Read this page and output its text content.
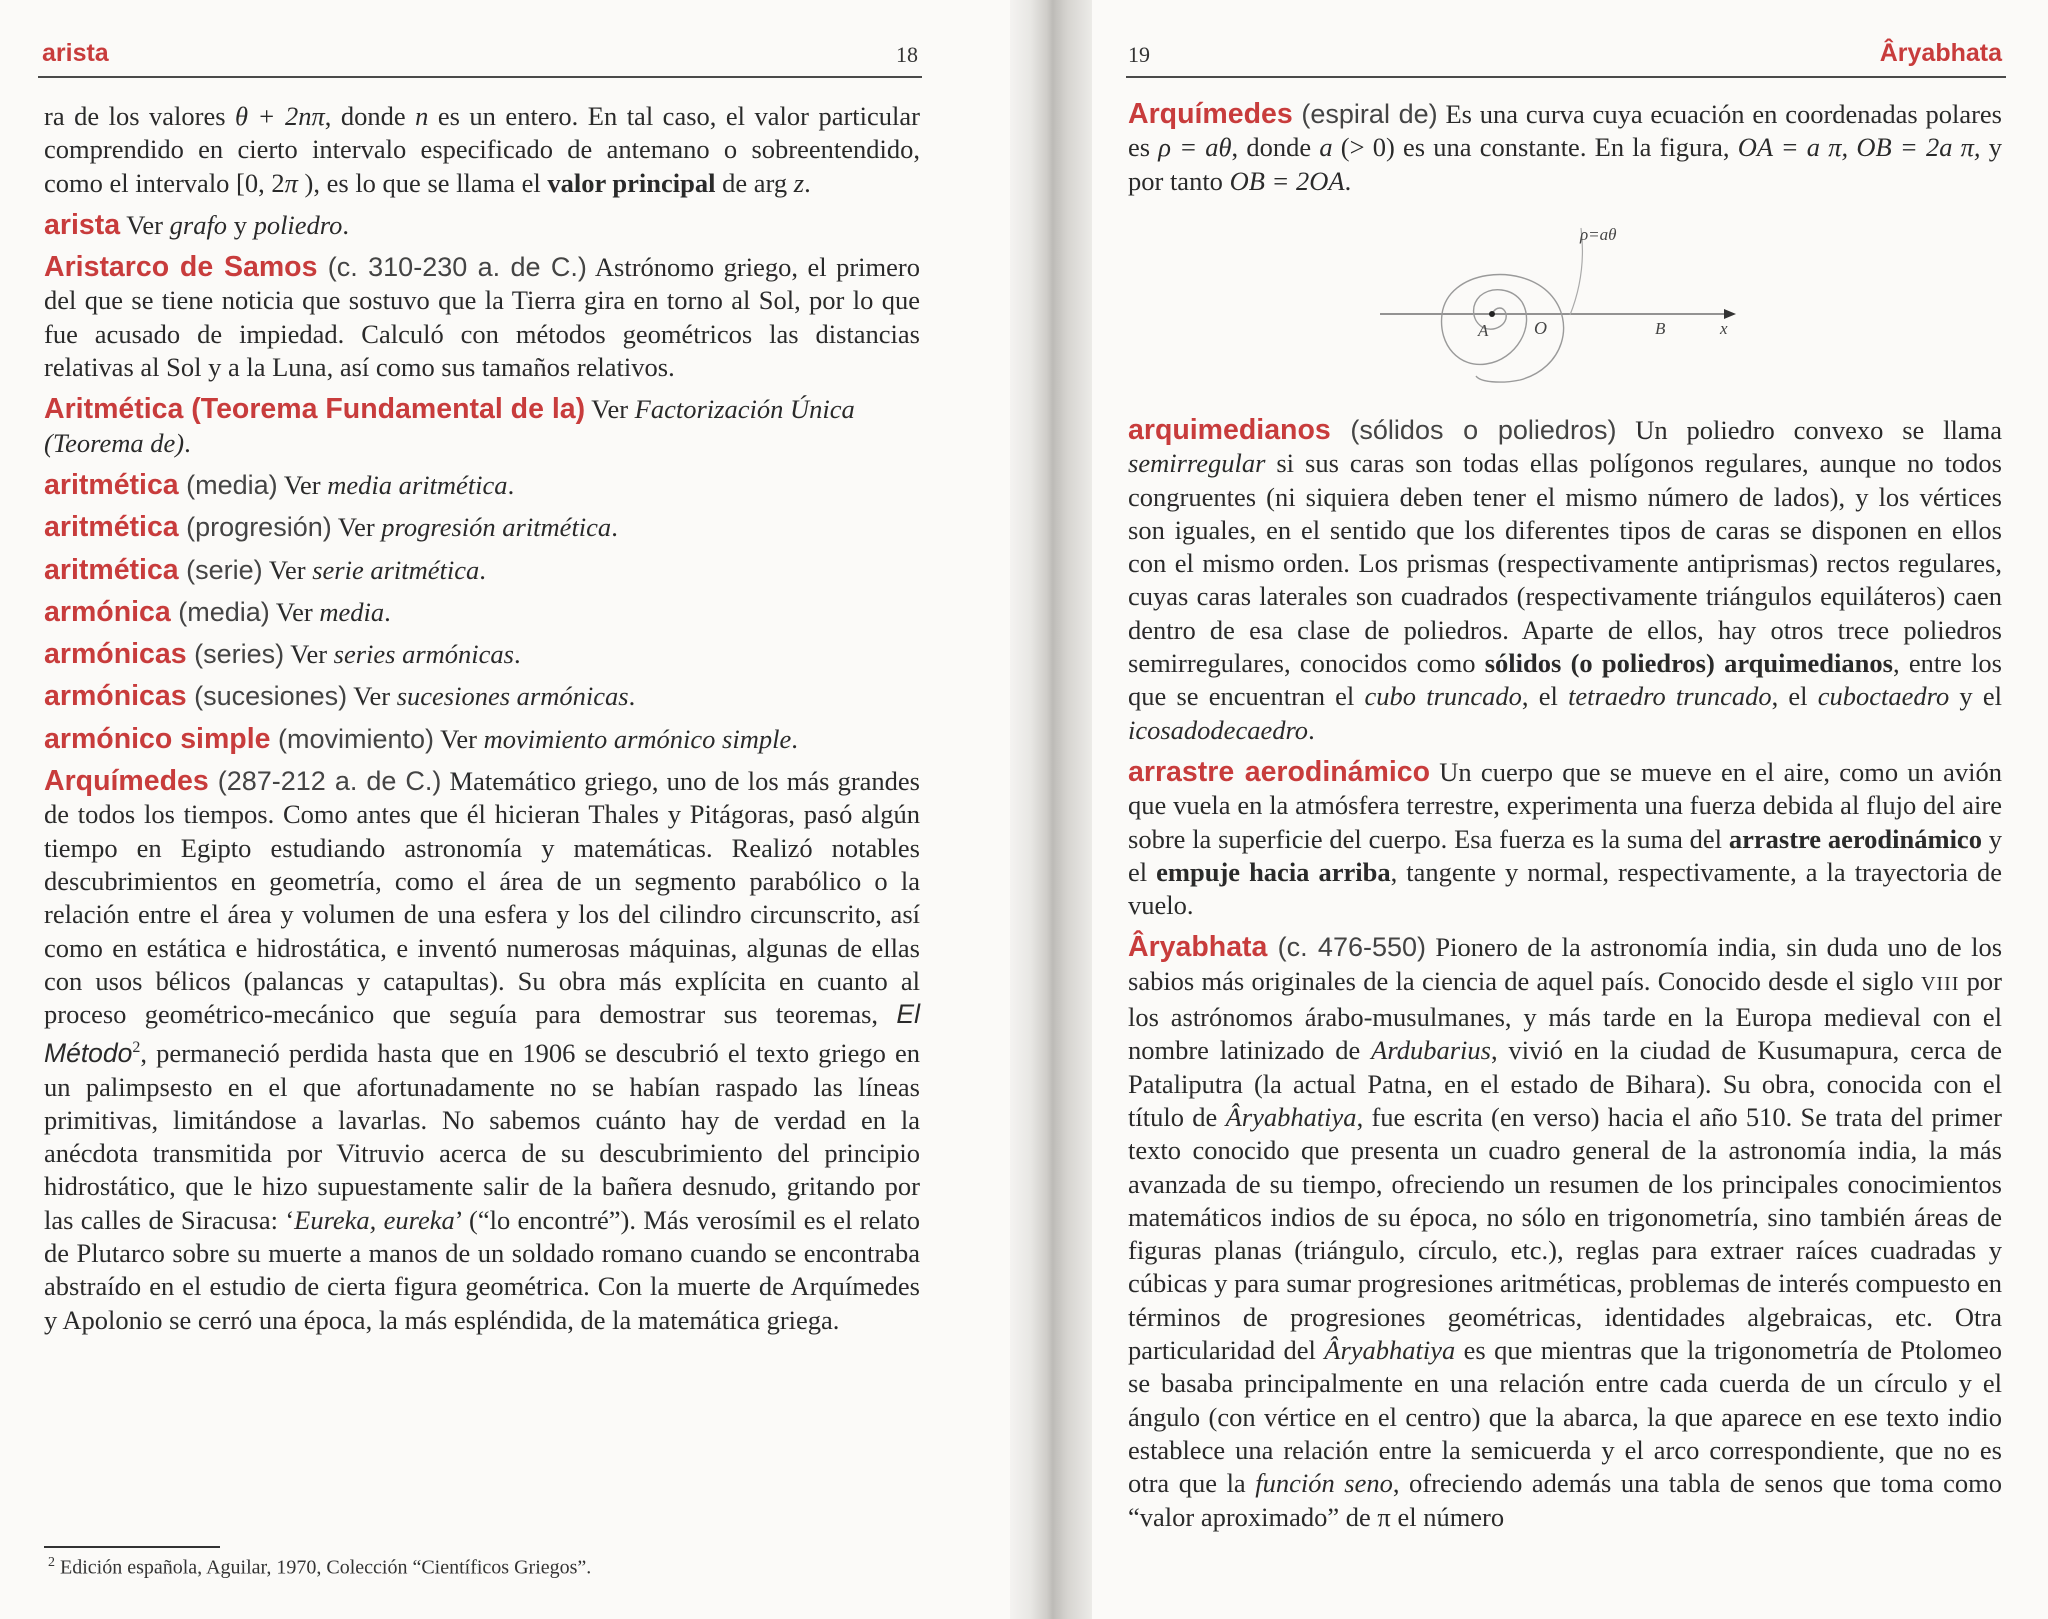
arista	18

ra de los valores θ + 2nπ, donde n es un entero. En tal caso, el valor particular comprendido en cierto intervalo especificado de antemano o sobreentendido, como el intervalo [0, 2π ), es lo que se llama el valor principal de arg z.

arista Ver grafo y poliedro.

Aristarco de Samos (c. 310-230 a. de C.) Astrónomo griego, el primero del que se tiene noticia que sostuvo que la Tierra gira en torno al Sol, por lo que fue acusado de impiedad. Calculó con métodos geométricos las distancias relativas al Sol y a la Luna, así como sus tamaños relativos.

Aritmética (Teorema Fundamental de la) Ver Factorización Única (Teorema de).

aritmética (media) Ver media aritmética.

aritmética (progresión) Ver progresión aritmética.

aritmética (serie) Ver serie aritmética.

armónica (media) Ver media.

armónicas (series) Ver series armónicas.

armónicas (sucesiones) Ver sucesiones armónicas.

armónico simple (movimiento) Ver movimiento armónico simple.

Arquímedes (287-212 a. de C.) Matemático griego, uno de los más grandes de todos los tiempos. Como antes que él hicieran Thales y Pitágoras, pasó algún tiempo en Egipto estudiando astronomía y matemáticas. Realizó notables descubrimientos en geometría, como el área de un segmento parabólico o la relación entre el área y volumen de una esfera y los del cilindro circunscrito, así como en estática e hidrostática, e inventó numerosas máquinas, algunas de ellas con usos bélicos (palancas y catapultas). Su obra más explícita en cuanto al proceso geométrico-mecánico que seguía para demostrar sus teoremas, El Método$^2$, permaneció perdida hasta que en 1906 se descubrió el texto griego en un palimpsesto en el que afortunadamente no se habían raspado las líneas primitivas, limitándose a lavarlas. No sabemos cuánto hay de verdad en la anécdota transmitida por Vitruvio acerca de su descubrimiento del principio hidrostático, que le hizo supuestamente salir de la bañera desnudo, gritando por las calles de Siracusa: ‘Eureka, eureka’ (“lo encontré”). Más verosímil es el relato de Plutarco sobre su muerte a manos de un soldado romano cuando se encontraba abstraído en el estudio de cierta figura geométrica. Con la muerte de Arquímedes y Apolonio se cerró una época, la más espléndida, de la matemática griega.

$^2$ Edición española, Aguilar, 1970, Colección “Científicos Griegos”.
19	Âryabhata

Arquímedes (espiral de) Es una curva cuya ecuación en coordenadas polares es ρ = aθ, donde a (> 0) es una constante. En la figura, OA = a π, OB = 2a π, y por tanto OB = 2OA.

ρ=aθ
A	O	B	x

arquimedianos (sólidos o poliedros) Un poliedro convexo se llama semirregular si sus caras son todas ellas polígonos regulares, aunque no todos congruentes (ni siquiera deben tener el mismo número de lados), y los vértices son iguales, en el sentido que los diferentes tipos de caras se disponen en ellos con el mismo orden. Los prismas (respectivamente antiprismas) rectos regulares, cuyas caras laterales son cuadrados (respectivamente triángulos equiláteros) caen dentro de esa clase de poliedros. Aparte de ellos, hay otros trece poliedros semirregulares, conocidos como sólidos (o poliedros) arquimedianos, entre los que se encuentran el cubo truncado, el tetraedro truncado, el cuboctaedro y el icosadodecaedro.

arrastre aerodinámico Un cuerpo que se mueve en el aire, como un avión que vuela en la atmósfera terrestre, experimenta una fuerza debida al flujo del aire sobre la superficie del cuerpo. Esa fuerza es la suma del arrastre aerodinámico y el empuje hacia arriba, tangente y normal, respectivamente, a la trayectoria de vuelo.

Âryabhata (c. 476-550) Pionero de la astronomía india, sin duda uno de los sabios más originales de la ciencia de aquel país. Conocido desde el siglo VIII por los astrónomos árabo-musulmanes, y más tarde en la Europa medieval con el nombre latinizado de Ardubarius, vivió en la ciudad de Kusumapura, cerca de Pataliputra (la actual Patna, en el estado de Bihara). Su obra, conocida con el título de Âryabhatiya, fue escrita (en verso) hacia el año 510. Se trata del primer texto conocido que presenta un cuadro general de la astronomía india, la más avanzada de su tiempo, ofreciendo un resumen de los principales conocimientos matemáticos indios de su época, no sólo en trigonometría, sino también áreas de figuras planas (triángulo, círculo, etc.), reglas para extraer raíces cuadradas y cúbicas y para sumar progresiones aritméticas, problemas de interés compuesto en términos de progresiones geométricas, identidades algebraicas, etc. Otra particularidad del Âryabhatiya es que mientras que la trigonometría de Ptolomeo se basaba principalmente en una relación entre cada cuerda de un círculo y el ángulo (con vértice en el centro) que la abarca, la que aparece en ese texto indio establece una relación entre la semicuerda y el arco correspondiente, que no es otra que la función seno, ofreciendo además una tabla de senos que toma como “valor aproximado” de π el número
